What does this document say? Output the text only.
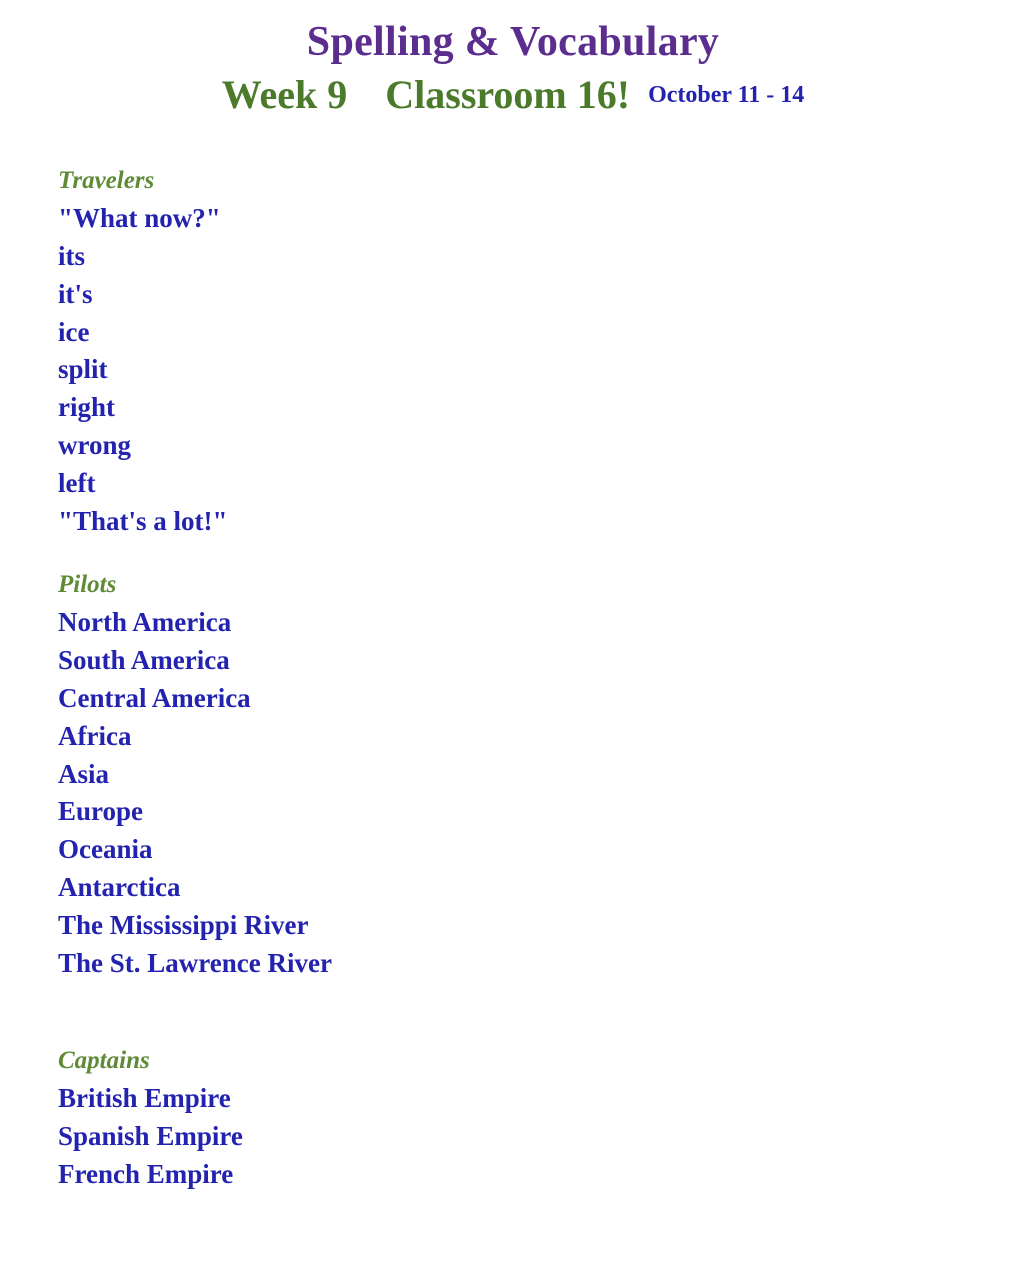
Spelling & Vocabulary
Week 9 Classroom 16! October 11 - 14
Travelers
"What now?"
its
it's
ice
split
right
wrong
left
"That's a lot!"
Pilots
North America
South America
Central America
Africa
Asia
Europe
Oceania
Antarctica
The Mississippi River
The St. Lawrence River
Captains
British Empire
Spanish Empire
French Empire
